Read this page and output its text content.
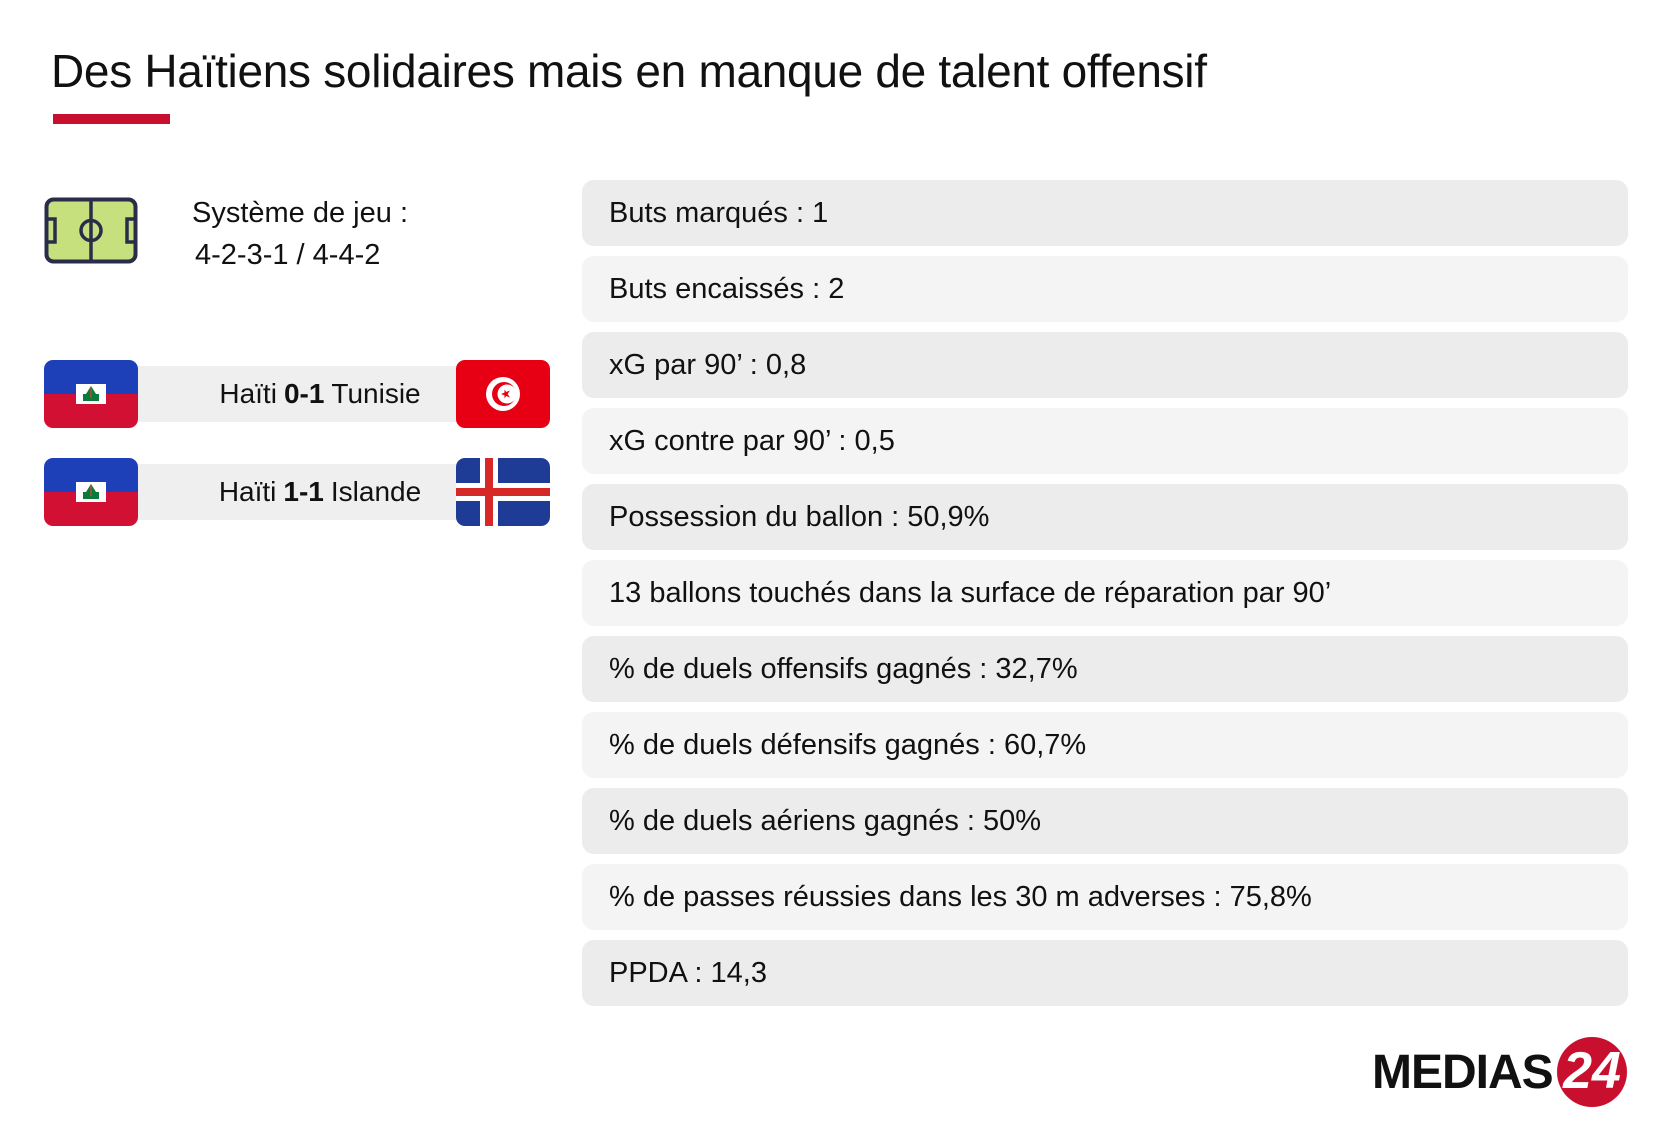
Des Haïtiens solidaires mais en manque de talent offensif
Système de jeu :
4-2-3-1 / 4-4-2
Haïti 0-1 Tunisie
Haïti 1-1 Islande
Buts marqués : 1
Buts encaissés : 2
xG par 90’ : 0,8
xG contre par 90’ : 0,5
Possession du ballon : 50,9%
13 ballons touchés dans la surface de réparation par 90’
% de duels offensifs gagnés : 32,7%
% de duels défensifs gagnés : 60,7%
% de duels aériens gagnés : 50%
% de passes réussies dans les 30 m adverses : 75,8%
PPDA : 14,3
MEDIAS 24
